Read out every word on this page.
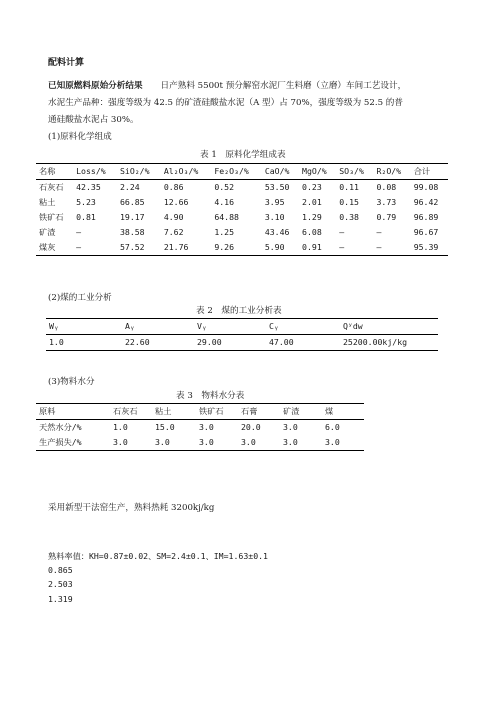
配料计算
已知原燃料原始分析结果 日产熟料 5500t 预分解窑水泥厂生料磨（立磨）车间工艺设计，
水泥生产品种：强度等级为 42.5 的矿渣硅酸盐水泥（A 型）占 70%，强度等级为 52.5 的普
通硅酸盐水泥占 30%。
(1)原料化学组成
表 1　原料化学组成表
名称	Loss/%	SiO₂/%	Al₂O₃/%	Fe₂O₃/%	CaO/%	MgO/%	SO₃/%	R₂O/%	合计
石灰石	42.35	2.24	0.86	0.52	53.50	0.23	0.11	0.08	99.08
粘土	5.23	66.85	12.66	4.16	3.95	2.01	0.15	3.73	96.42
铁矿石	0.81	19.17	4.90	64.88	3.10	1.29	0.38	0.79	96.89
矿渣	—	38.58	7.62	1.25	43.46	6.08	—	—	96.67
煤灰	—	57.52	21.76	9.26	5.90	0.91	—	—	95.39
(2)煤的工业分析
表 2　煤的工业分析表
Wᵧ	Aᵧ	Vᵧ	Cᵧ	Qʸdw
1.0	22.60	29.00	47.00	25200.00kj/kg
(3)物料水分
表 3　物料水分表
原料	石灰石	粘土	铁矿石	石膏	矿渣	煤
天然水分/%	1.0	15.0	3.0	20.0	3.0	6.0
生产损失/%	3.0	3.0	3.0	3.0	3.0	3.0
采用新型干法窑生产，熟料热耗 3200kj/kg
熟料率值：KH=0.87±0.02、SM=2.4±0.1、IM=1.63±0.1
0.865
2.503
1.319
